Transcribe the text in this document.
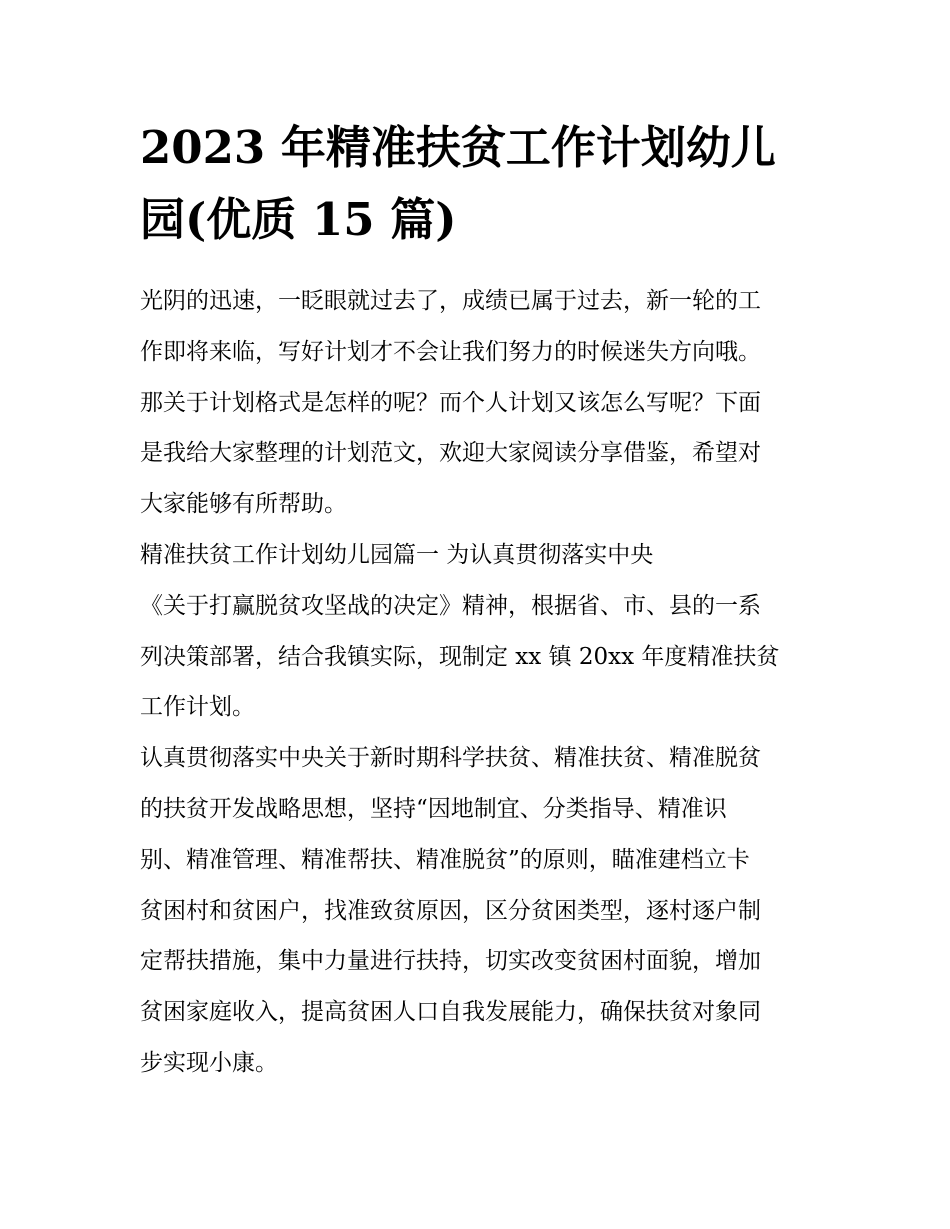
2023 年精准扶贫工作计划幼儿
园(优质 15 篇)
光阴的迅速，一眨眼就过去了，成绩已属于过去，新一轮的工
作即将来临，写好计划才不会让我们努力的时候迷失方向哦。
那关于计划格式是怎样的呢？而个人计划又该怎么写呢？下面
是我给大家整理的计划范文，欢迎大家阅读分享借鉴，希望对
大家能够有所帮助。
精准扶贫工作计划幼儿园篇一 为认真贯彻落实中央
《关于打赢脱贫攻坚战的决定》精神，根据省、市、县的一系
列决策部署，结合我镇实际，现制定 xx 镇 20xx 年度精准扶贫
工作计划。
认真贯彻落实中央关于新时期科学扶贫、精准扶贫、精准脱贫
的扶贫开发战略思想，坚持“因地制宜、分类指导、精准识
别、精准管理、精准帮扶、精准脱贫”的原则，瞄准建档立卡
贫困村和贫困户，找准致贫原因，区分贫困类型，逐村逐户制
定帮扶措施，集中力量进行扶持，切实改变贫困村面貌，增加
贫困家庭收入，提高贫困人口自我发展能力，确保扶贫对象同
步实现小康。
